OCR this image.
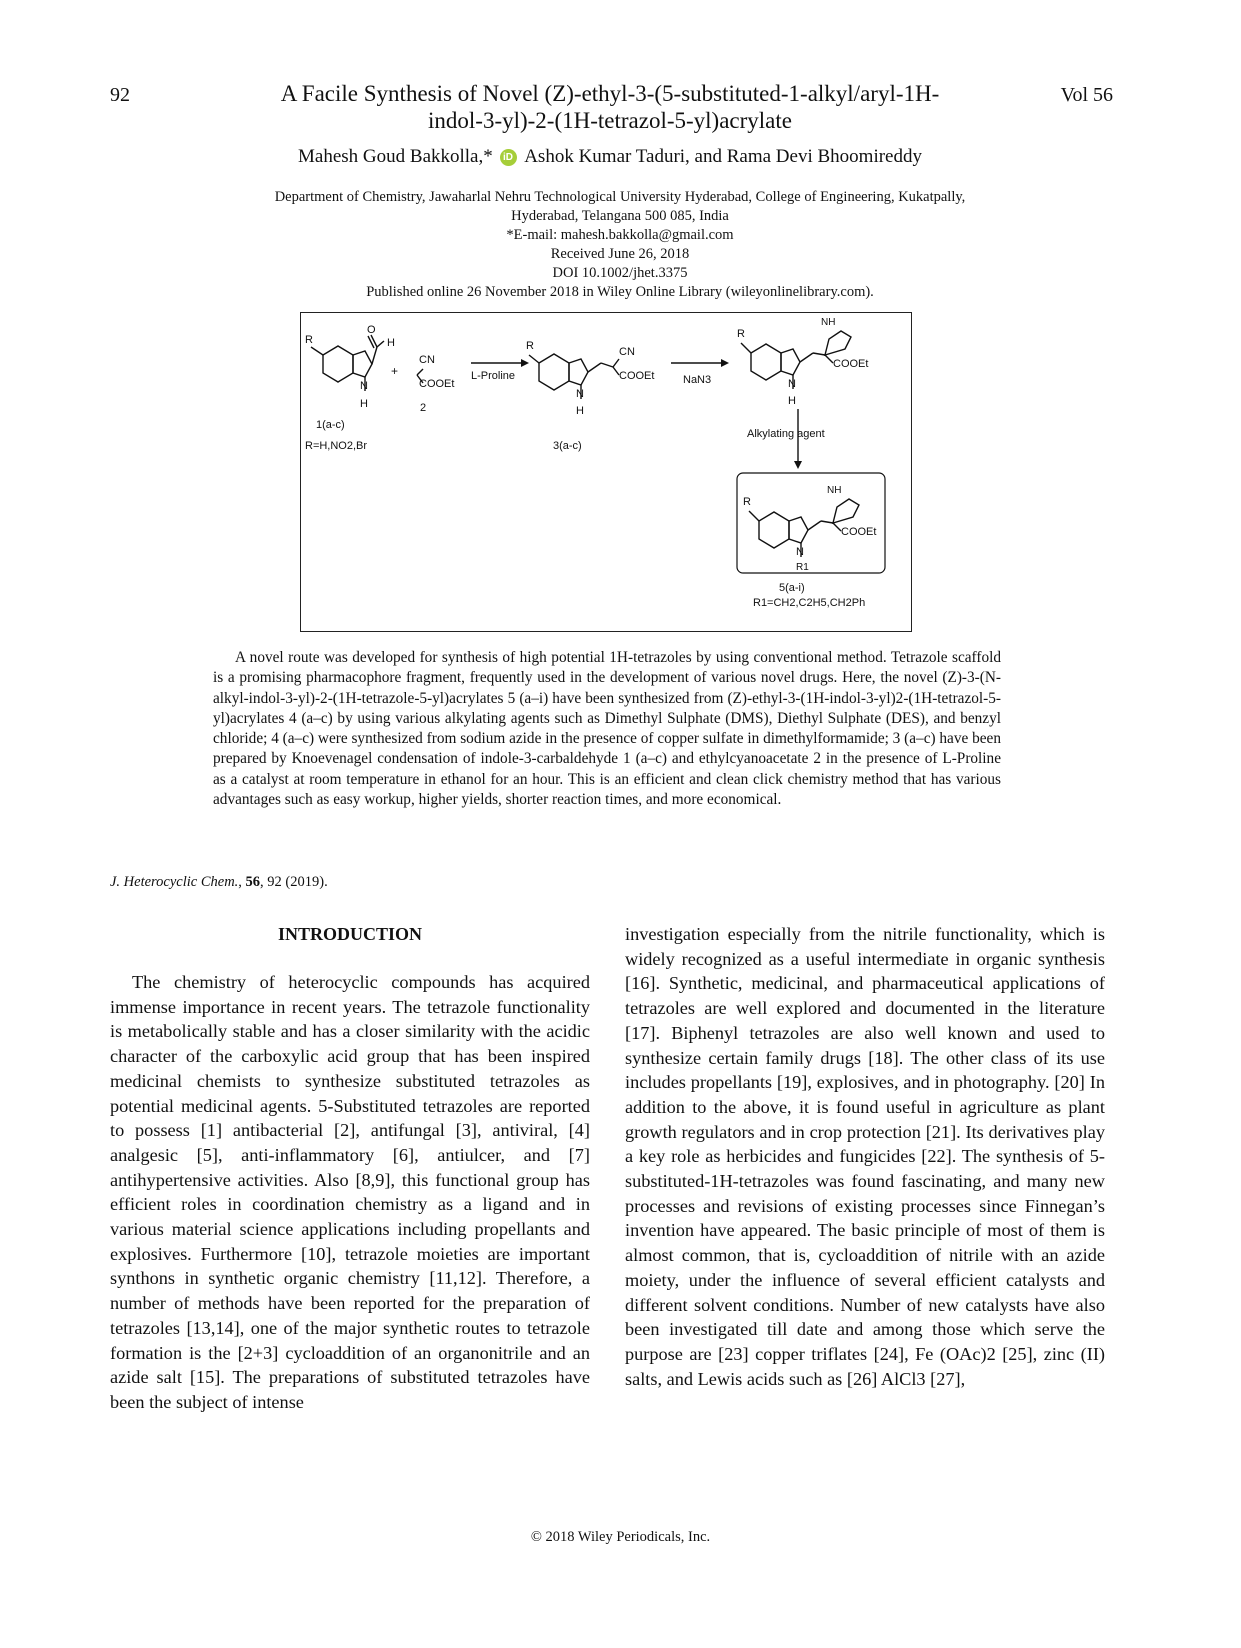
92	Vol 56
A Facile Synthesis of Novel (Z)-ethyl-3-(5-substituted-1-alkyl/aryl-1H-
indol-3-yl)-2-(1H-tetrazol-5-yl)acrylate
Mahesh Goud Bakkolla,* iD Ashok Kumar Taduri, and Rama Devi Bhoomireddy
Department of Chemistry, Jawaharlal Nehru Technological University Hyderabad, College of Engineering, Kukatpally,
Hyderabad, Telangana 500 085, India
*E-mail: mahesh.bakkolla@gmail.com
Received June 26, 2018
DOI 10.1002/jhet.3375
Published online 26 November 2018 in Wiley Online Library (wileyonlinelibrary.com).
R
O
H
N
H
+
CN
COOEt
1(a-c)
R=H,NO2,Br
2
L-Proline
R	CN
COOEt
N
H
3(a-c)
NaN3
R
NH
COOEt
N
H
Alkylating agent
R
NH
COOEt
N
R1
5(a-i)
R1=CH2,C2H5,CH2Ph
A novel route was developed for synthesis of high potential 1H-tetrazoles by using conventional method. Tetrazole scaffold is a promising pharmacophore fragment, frequently used in the development of various novel drugs. Here, the novel (Z)-3-(N-alkyl-indol-3-yl)-2-(1H-tetrazole-5-yl)acrylates 5 (a–i) have been synthesized from (Z)-ethyl-3-(1H-indol-3-yl)2-(1H-tetrazol-5-yl)acrylates 4 (a–c) by using various alkylating agents such as Dimethyl Sulphate (DMS), Diethyl Sulphate (DES), and benzyl chloride; 4 (a–c) were synthesized from sodium azide in the presence of copper sulfate in dimethylformamide; 3 (a–c) have been prepared by Knoevenagel condensation of indole-3-carbaldehyde 1 (a–c) and ethylcyanoacetate 2 in the presence of L-Proline as a catalyst at room temperature in ethanol for an hour. This is an efficient and clean click chemistry method that has various advantages such as easy workup, higher yields, shorter reaction times, and more economical.
J. Heterocyclic Chem., 56, 92 (2019).
INTRODUCTION

The chemistry of heterocyclic compounds has acquired immense importance in recent years. The tetrazole functionality is metabolically stable and has a closer similarity with the acidic character of the carboxylic acid group that has been inspired medicinal chemists to synthesize substituted tetrazoles as potential medicinal agents. 5-Substituted tetrazoles are reported to possess [1] antibacterial [2], antifungal [3], antiviral, [4] analgesic [5], anti-inflammatory [6], antiulcer, and [7] antihypertensive activities. Also [8,9], this functional group has efficient roles in coordination chemistry as a ligand and in various material science applications including propellants and explosives. Furthermore [10], tetrazole moieties are important synthons in synthetic organic chemistry [11,12]. Therefore, a number of methods have been reported for the preparation of tetrazoles [13,14], one of the major synthetic routes to tetrazole formation is the [2+3] cycloaddition of an organonitrile and an azide salt [15]. The preparations of substituted tetrazoles have been the subject of intense

investigation especially from the nitrile functionality, which is widely recognized as a useful intermediate in organic synthesis [16]. Synthetic, medicinal, and pharmaceutical applications of tetrazoles are well explored and documented in the literature [17]. Biphenyl tetrazoles are also well known and used to synthesize certain family drugs [18]. The other class of its use includes propellants [19], explosives, and in photography. [20] In addition to the above, it is found useful in agriculture as plant growth regulators and in crop protection [21]. Its derivatives play a key role as herbicides and fungicides [22]. The synthesis of 5-substituted-1H-tetrazoles was found fascinating, and many new processes and revisions of existing processes since Finnegan’s invention have appeared. The basic principle of most of them is almost common, that is, cycloaddition of nitrile with an azide moiety, under the influence of several efficient catalysts and different solvent conditions. Number of new catalysts have also been investigated till date and among those which serve the purpose are [23] copper triflates [24], Fe (OAc)2 [25], zinc (II) salts, and Lewis acids such as [26] AlCl3 [27],

© 2018 Wiley Periodicals, Inc.
